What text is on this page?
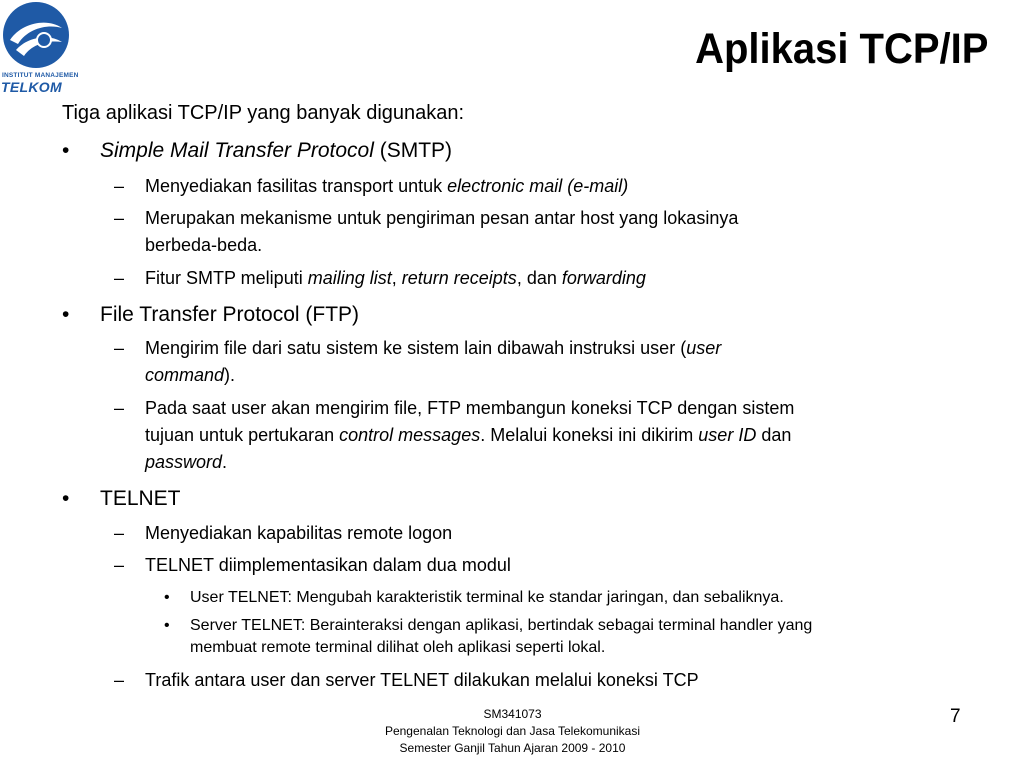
INSTITUT MANAJEMEN
TELKOM
Aplikasi TCP/IP
Tiga aplikasi TCP/IP yang banyak digunakan:
• Simple Mail Transfer Protocol (SMTP)
– Menyediakan fasilitas transport untuk electronic mail (e-mail)
– Merupakan mekanisme untuk pengiriman pesan antar host yang lokasinya
berbeda-beda.
– Fitur SMTP meliputi mailing list, return receipts, dan forwarding
• File Transfer Protocol (FTP)
– Mengirim file dari satu sistem ke sistem lain dibawah instruksi user (user
command).
– Pada saat user akan mengirim file, FTP membangun koneksi TCP dengan sistem
tujuan untuk pertukaran control messages. Melalui koneksi ini dikirim user ID dan
password.
• TELNET
– Menyediakan kapabilitas remote logon
– TELNET diimplementasikan dalam dua modul
• User TELNET: Mengubah karakteristik terminal ke standar jaringan, dan sebaliknya.
• Server TELNET: Berainteraksi dengan aplikasi, bertindak sebagai terminal handler yang
membuat remote terminal dilihat oleh aplikasi seperti lokal.
– Trafik antara user dan server TELNET dilakukan melalui koneksi TCP
SM341073
Pengenalan Teknologi dan Jasa Telekomunikasi
Semester Ganjil Tahun Ajaran 2009 - 2010
7
